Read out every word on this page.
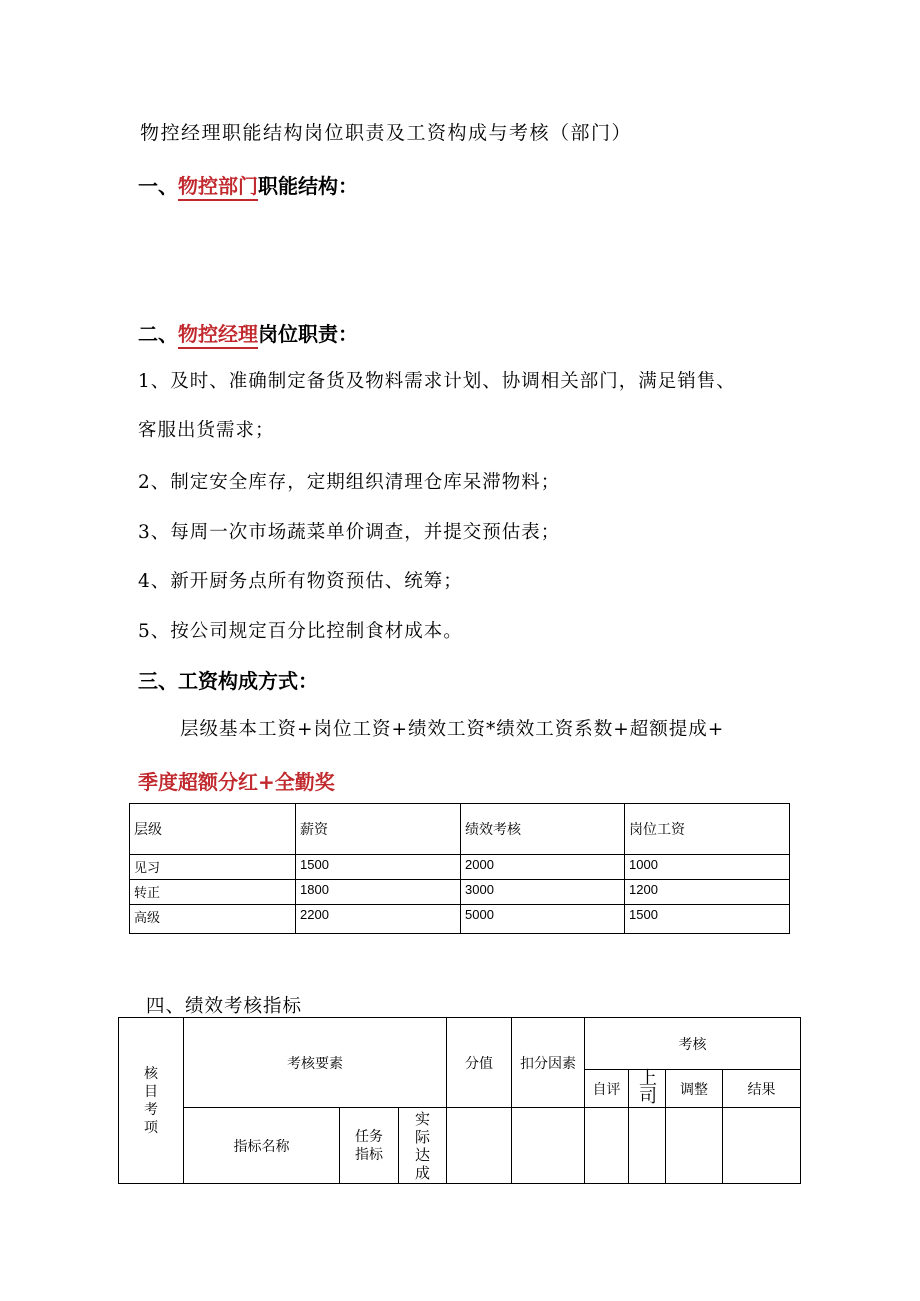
物控经理职能结构岗位职责及工资构成与考核（部门）
一、物控部门职能结构：
二、物控经理岗位职责：
1、及时、准确制定备货及物料需求计划、协调相关部门，满足销售、
客服出货需求；
2、制定安全库存，定期组织清理仓库呆滞物料；
3、每周一次市场蔬菜单价调查，并提交预估表；
4、新开厨务点所有物资预估、统筹；
5、按公司规定百分比控制食材成本。
三、工资构成方式：
层级基本工资+岗位工资+绩效工资*绩效工资系数+超额提成+
季度超额分红+全勤奖
层级	薪资	绩效考核	岗位工资
见习	1500	2000	1000
转正	1800	3000	1200
高级	2200	5000	1500
四、绩效考核指标
核目考项	考核要素			分值	扣分因素	考核			
						自评	上司	调整	结果
	指标名称	任务指标	实际达成						
